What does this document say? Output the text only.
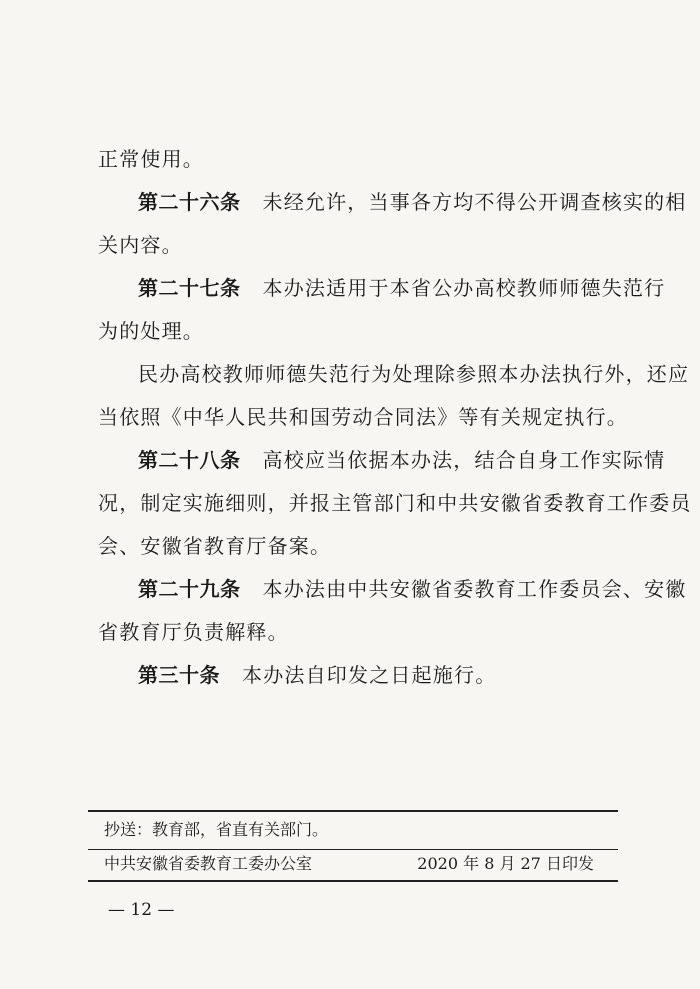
正常使用。
第二十六条 未经允许，当事各方均不得公开调查核实的相
关内容。
第二十七条 本办法适用于本省公办高校教师师德失范行
为的处理。
民办高校教师师德失范行为处理除参照本办法执行外，还应
当依照《中华人民共和国劳动合同法》等有关规定执行。
第二十八条 高校应当依据本办法，结合自身工作实际情
况，制定实施细则，并报主管部门和中共安徽省委教育工作委员
会、安徽省教育厅备案。
第二十九条 本办法由中共安徽省委教育工作委员会、安徽
省教育厅负责解释。
第三十条 本办法自印发之日起施行。
抄送：教育部，省直有关部门。
中共安徽省委教育工委办公室	2020 年 8 月 27 日印发
— 12 —
